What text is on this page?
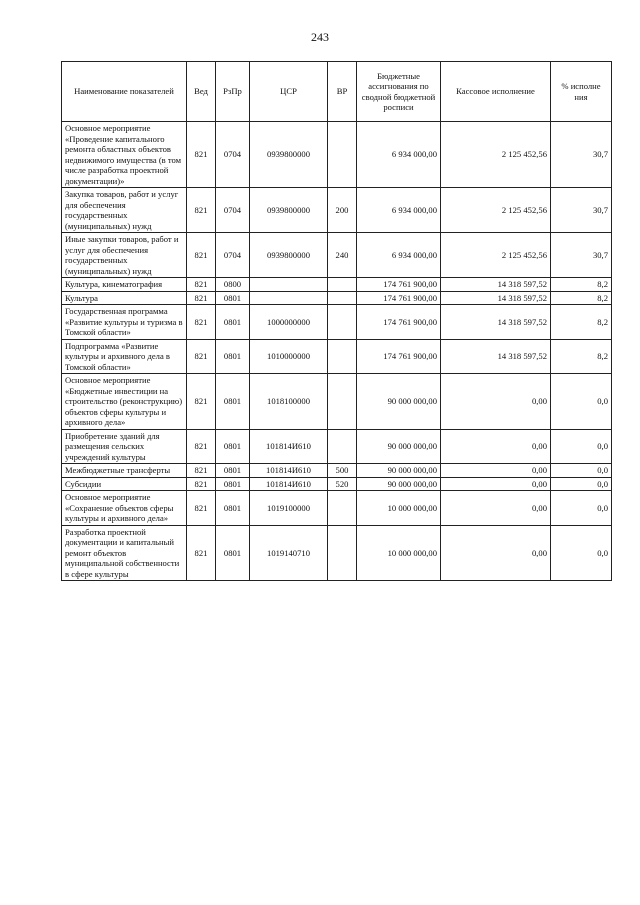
243
Наименование показателей	Вед	РзПр	ЦСР	ВР	Бюджетные ассигнования по сводной бюджетной росписи	Кассовое исполнение	% исполне ния
Основное мероприятие «Проведение капитального ремонта областных объектов недвижимого имущества (в том числе разработка проектной документации)»	821	0704	0939800000		6 934 000,00	2 125 452,56	30,7
Закупка товаров, работ и услуг для обеспечения государственных (муниципальных) нужд	821	0704	0939800000	200	6 934 000,00	2 125 452,56	30,7
Иные закупки товаров, работ и услуг для обеспечения государственных (муниципальных) нужд	821	0704	0939800000	240	6 934 000,00	2 125 452,56	30,7
Культура, кинематография	821	0800			174 761 900,00	14 318 597,52	8,2
Культура	821	0801			174 761 900,00	14 318 597,52	8,2
Государственная программа «Развитие культуры и туризма в Томской области»	821	0801	1000000000		174 761 900,00	14 318 597,52	8,2
Подпрограмма «Развитие культуры и архивного дела в Томской области»	821	0801	1010000000		174 761 900,00	14 318 597,52	8,2
Основное мероприятие «Бюджетные инвестиции на строительство (реконструкцию) объектов сферы культуры и архивного дела»	821	0801	1018100000		90 000 000,00	0,00	0,0
Приобретение зданий для размещения сельских учреждений культуры	821	0801	101814И610		90 000 000,00	0,00	0,0
Межбюджетные трансферты	821	0801	101814И610	500	90 000 000,00	0,00	0,0
Субсидии	821	0801	101814И610	520	90 000 000,00	0,00	0,0
Основное мероприятие «Сохранение объектов сферы культуры и архивного дела»	821	0801	1019100000		10 000 000,00	0,00	0,0
Разработка проектной документации и капитальный ремонт объектов муниципальной собственности в сфере культуры	821	0801	1019140710		10 000 000,00	0,00	0,0
